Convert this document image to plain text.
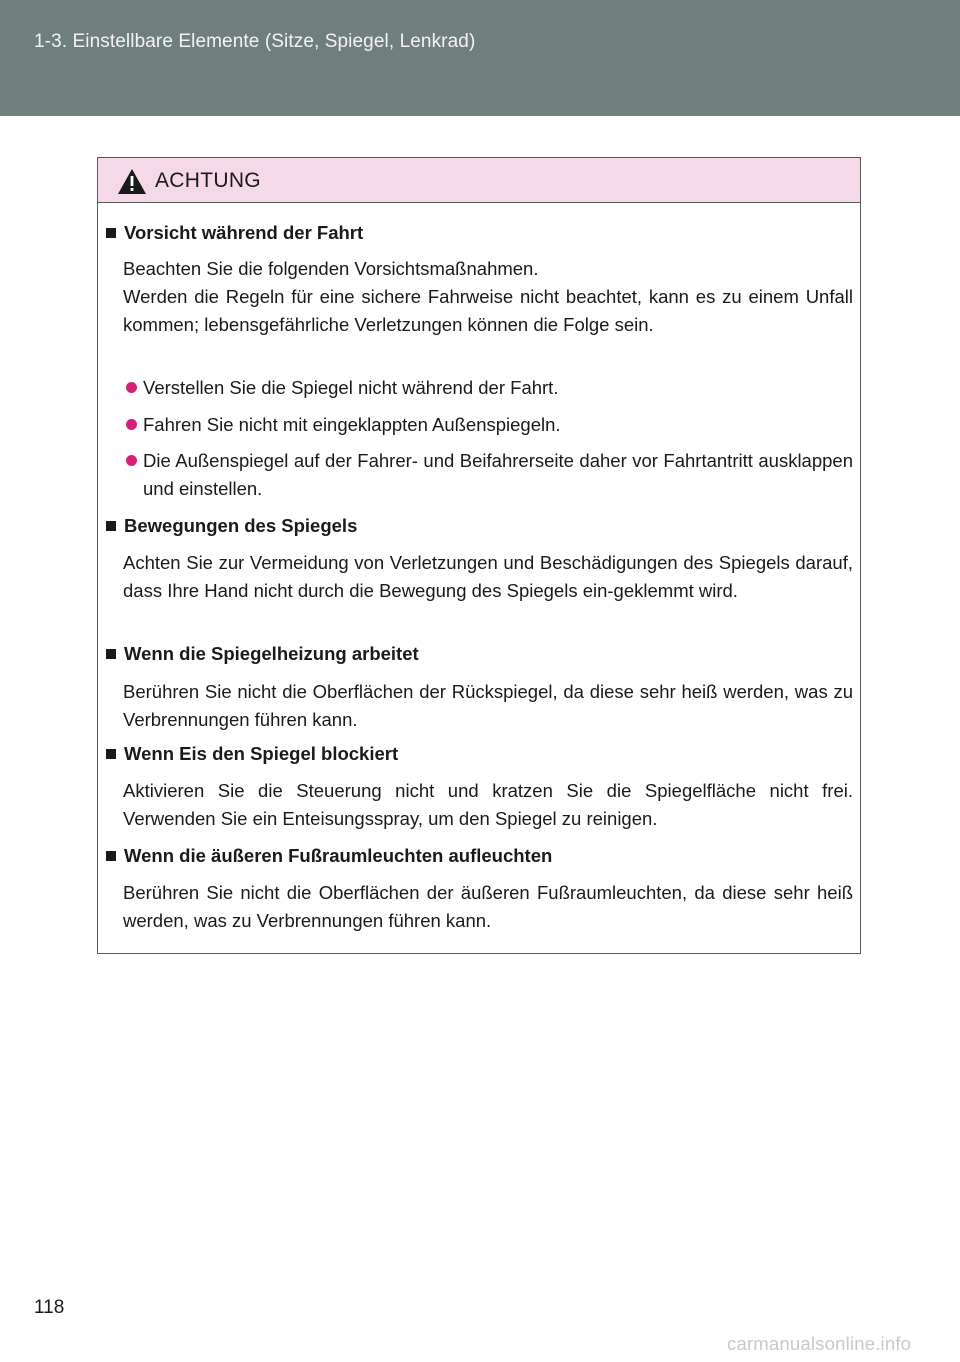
1-3. Einstellbare Elemente (Sitze, Spiegel, Lenkrad)
ACHTUNG
Vorsicht während der Fahrt
Beachten Sie die folgenden Vorsichtsmaßnahmen.
Werden die Regeln für eine sichere Fahrweise nicht beachtet, kann es zu einem Unfall kommen; lebensgefährliche Verletzungen können die Folge sein.
Verstellen Sie die Spiegel nicht während der Fahrt.
Fahren Sie nicht mit eingeklappten Außenspiegeln.
Die Außenspiegel auf der Fahrer- und Beifahrerseite daher vor Fahrtantritt ausklappen und einstellen.
Bewegungen des Spiegels
Achten Sie zur Vermeidung von Verletzungen und Beschädigungen des Spiegels darauf, dass Ihre Hand nicht durch die Bewegung des Spiegels ein-geklemmt wird.
Wenn die Spiegelheizung arbeitet
Berühren Sie nicht die Oberflächen der Rückspiegel, da diese sehr heiß werden, was zu Verbrennungen führen kann.
Wenn Eis den Spiegel blockiert
Aktivieren Sie die Steuerung nicht und kratzen Sie die Spiegelfläche nicht frei. Verwenden Sie ein Enteisungsspray, um den Spiegel zu reinigen.
Wenn die äußeren Fußraumleuchten aufleuchten
Berühren Sie nicht die Oberflächen der äußeren Fußraumleuchten, da diese sehr heiß werden, was zu Verbrennungen führen kann.
118
carmanualsonline.info
